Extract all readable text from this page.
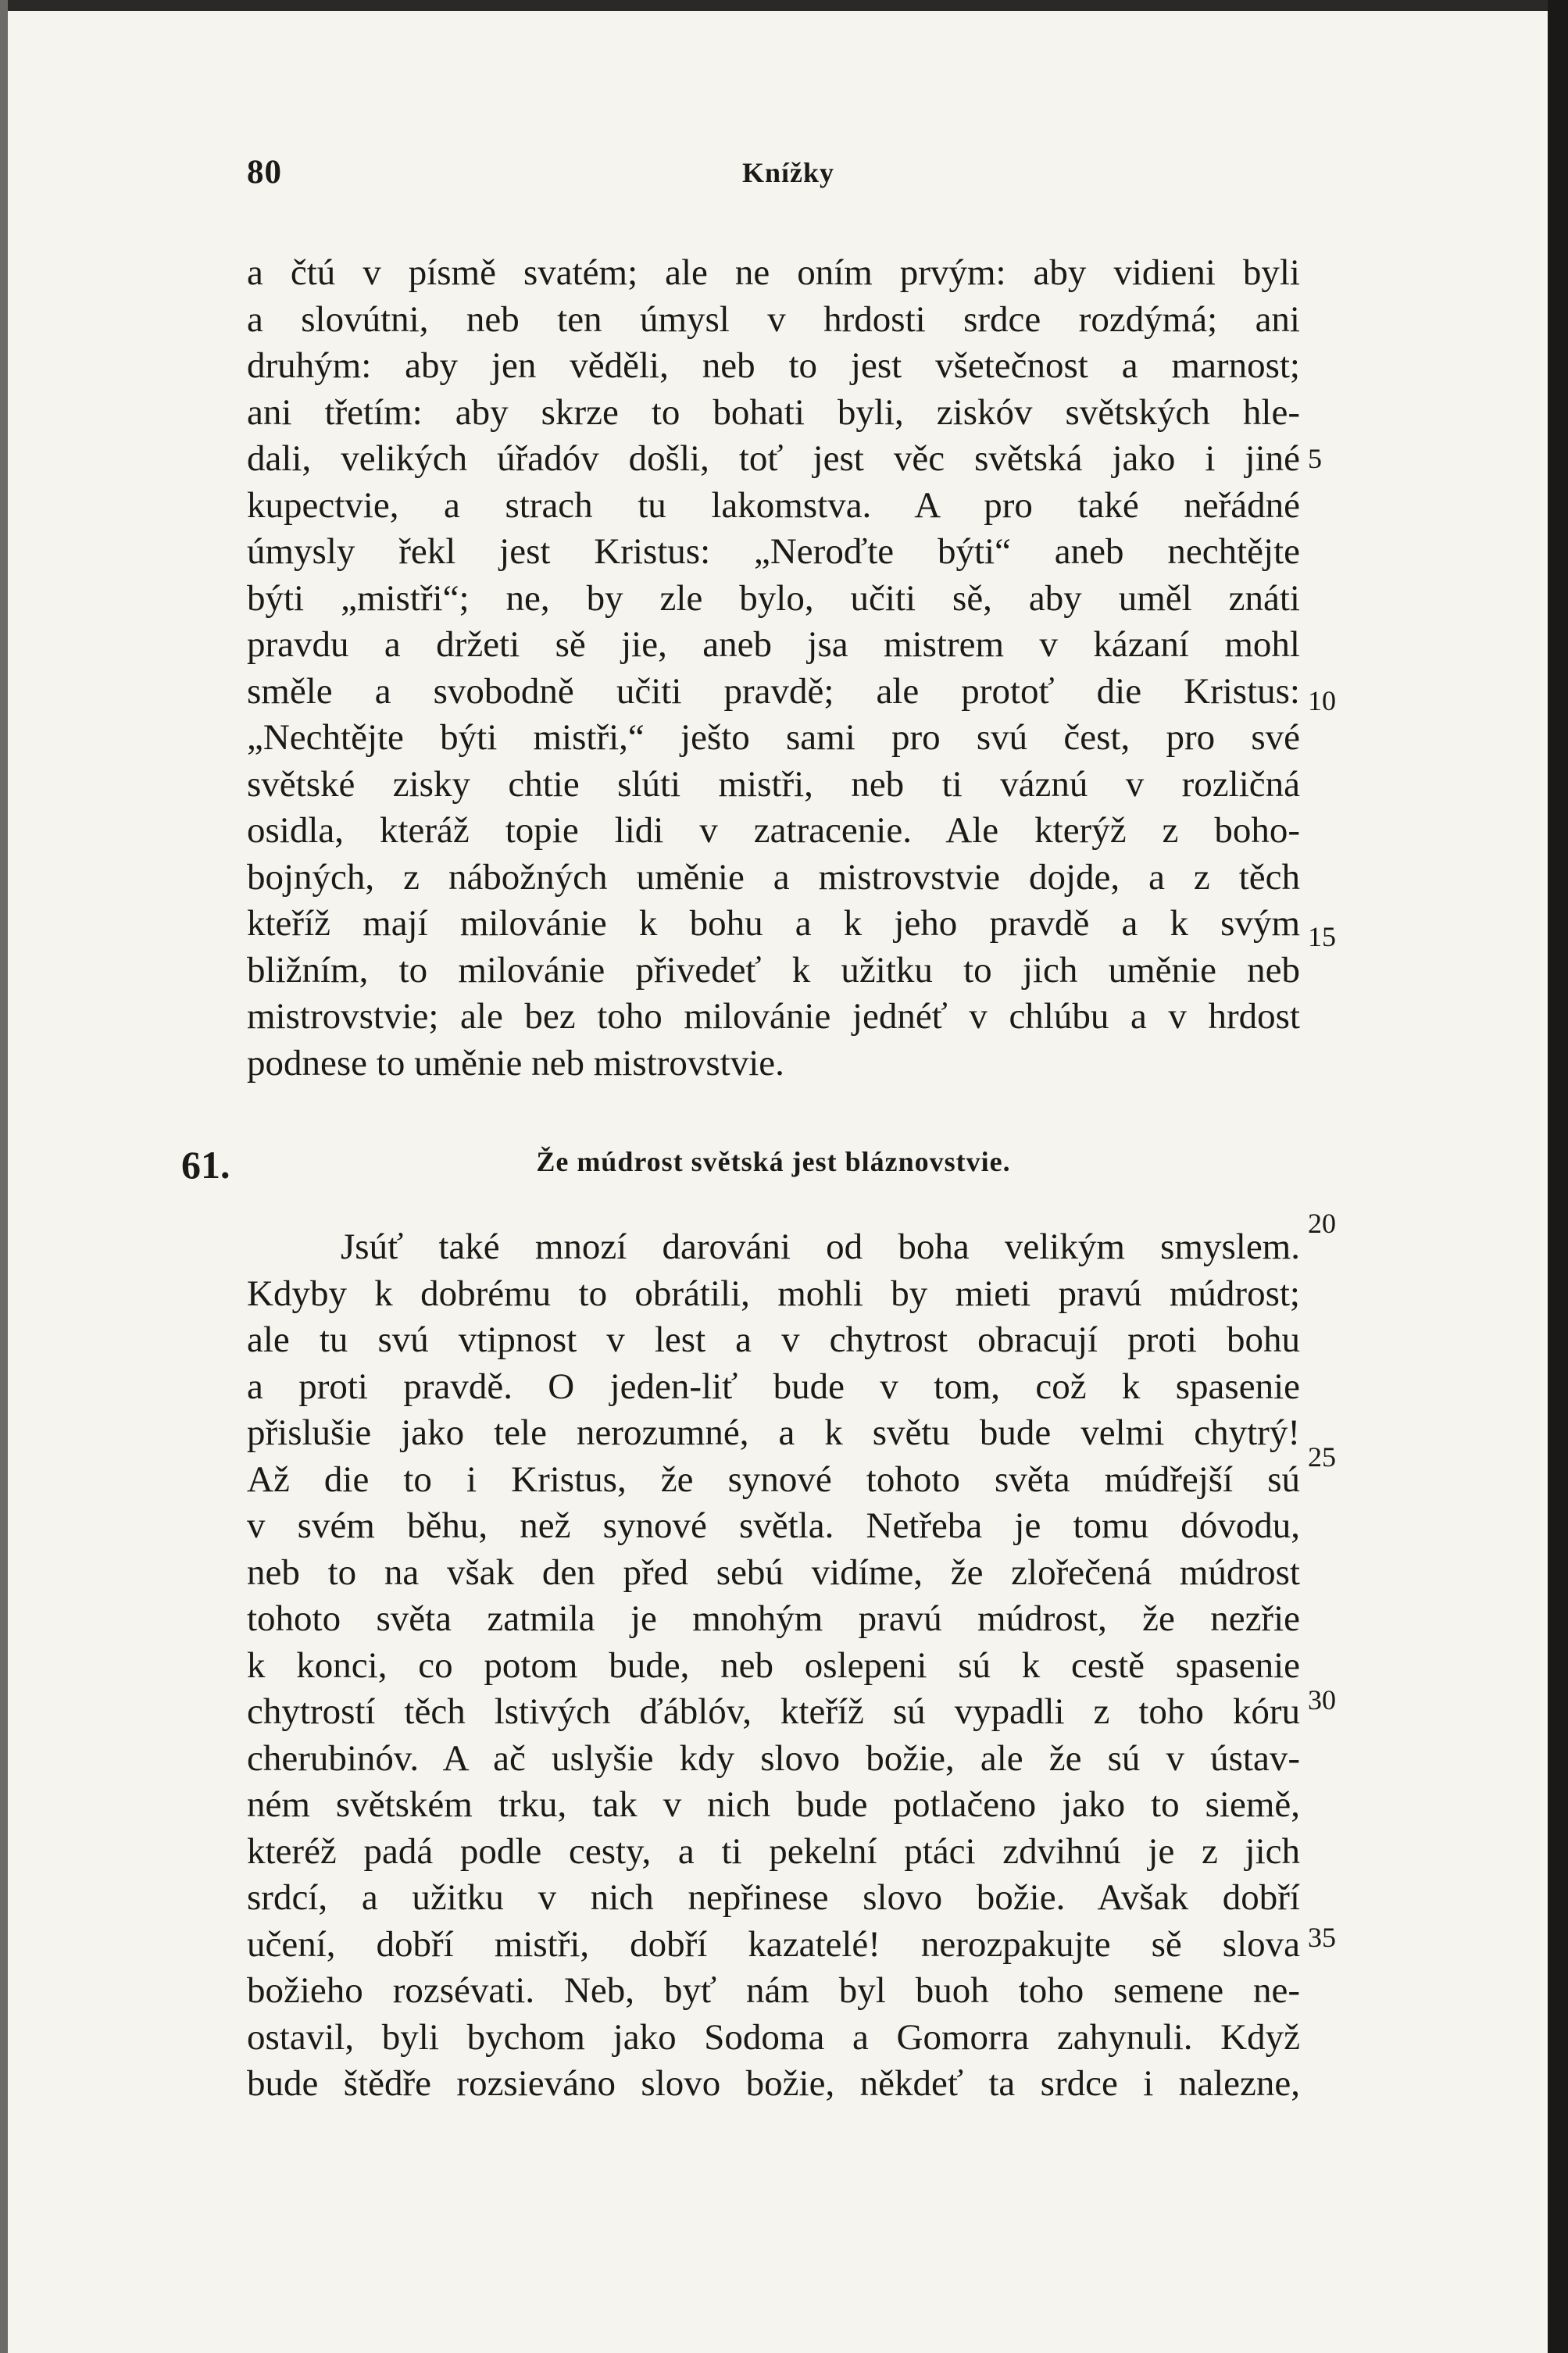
80	Knížky
a čtú v písmě svatém; ale ne oním prvým: aby vidieni byli
a slovútni, neb ten úmysl v hrdosti srdce rozdýmá; ani
druhým: aby jen věděli, neb to jest všetečnost a marnost;
ani třetím: aby skrze to bohati byli, ziskóv světských hle-
dali, velikých úřadóv došli, toť jest věc světská jako i jiné
kupectvie, a strach tu lakomstva. A pro také neřádné
úmysly řekl jest Kristus: „Neroďte býti“ aneb nechtějte
býti „mistři“; ne, by zle bylo, učiti sě, aby uměl znáti
pravdu a držeti sě jie, aneb jsa mistrem v kázaní mohl
směle a svobodně učiti pravdě; ale protoť die Kristus:
„Nechtějte býti mistři,“ ješto sami pro svú čest, pro své
světské zisky chtie slúti mistři, neb ti váznú v rozličná
osidla, kteráž topie lidi v zatracenie. Ale kterýž z boho-
bojných, z nábožných uměnie a mistrovstvie dojde, a z těch
kteříž mají milovánie k bohu a k jeho pravdě a k svým
bližním, to milovánie přivedeť k užitku to jich uměnie neb
mistrovstvie; ale bez toho milovánie jednéť v chlúbu a v hrdost
podnese to uměnie neb mistrovstvie.
61.	Že múdrost světská jest bláznovstvie.
Jsúť také mnozí darováni od boha velikým smyslem.
Kdyby k dobrému to obrátili, mohli by mieti pravú múdrost;
ale tu svú vtipnost v lest a v chytrost obracují proti bohu
a proti pravdě. O jeden-liť bude v tom, což k spasenie
přislušie jako tele nerozumné, a k světu bude velmi chytrý!
Až die to i Kristus, že synové tohoto světa múdřejší sú
v svém běhu, než synové světla. Netřeba je tomu dóvodu,
neb to na však den před sebú vidíme, že zlořečená múdrost
tohoto světa zatmila je mnohým pravú múdrost, že nezřie
k konci, co potom bude, neb oslepeni sú k cestě spasenie
chytrostí těch lstivých ďáblóv, kteříž sú vypadli z toho kóru
cherubinóv. A ač uslyšie kdy slovo božie, ale že sú v ústav-
ném světském trku, tak v nich bude potlačeno jako to siemě,
kteréž padá podle cesty, a ti pekelní ptáci zdvihnú je z jich
srdcí, a užitku v nich nepřinese slovo božie. Avšak dobří
učení, dobří mistři, dobří kazatelé! nerozpakujte sě slova
božieho rozsévati. Neb, byť nám byl buoh toho semene ne-
ostavil, byli bychom jako Sodoma a Gomorra zahynuli. Když
bude štědře rozsieváno slovo božie, někdeť ta srdce i nalezne,
5
10
15
20
25
30
35
